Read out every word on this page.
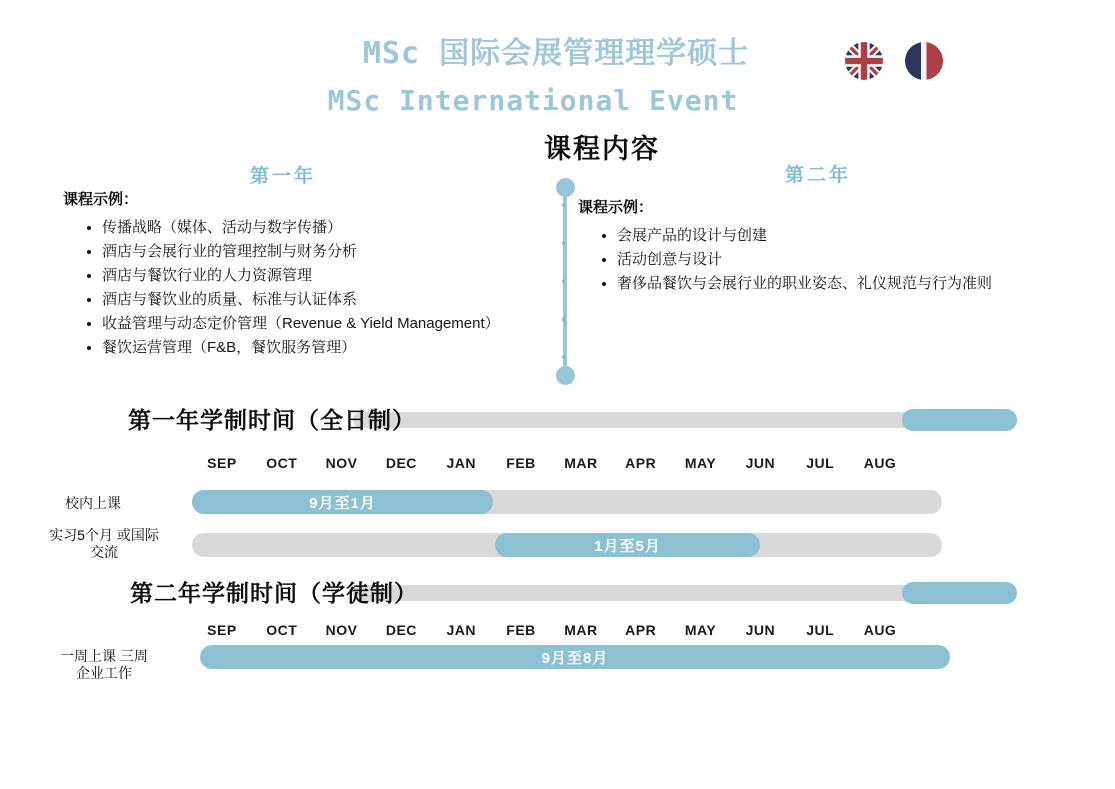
MSc 国际会展管理理学硕士
MSc International Event
课程内容
第一年	第二年
×
×
×
×
×
课程示例：
• 传播战略（媒体、活动与数字传播）
• 酒店与会展行业的管理控制与财务分析
• 酒店与餐饮行业的人力资源管理
• 酒店与餐饮业的质量、标准与认证体系
• 收益管理与动态定价管理（Revenue & Yield Management）
• 餐饮运营管理（F&B，餐饮服务管理）
课程示例：
• 会展产品的设计与创建
• 活动创意与设计
• 奢侈品餐饮与会展行业的职业姿态、礼仪规范与行为准则
第一年学制时间（全日制）
SEP	OCT	NOV	DEC	JAN	FEB	MAR	APR	MAY	JUN	JUL	AUG
校内上课	9月至1月
实习5个月 或国际
交流	1月至5月
第二年学制时间（学徒制）
SEP	OCT	NOV	DEC	JAN	FEB	MAR	APR	MAY	JUN	JUL	AUG
一周上课 三周
企业工作
9月至8月
